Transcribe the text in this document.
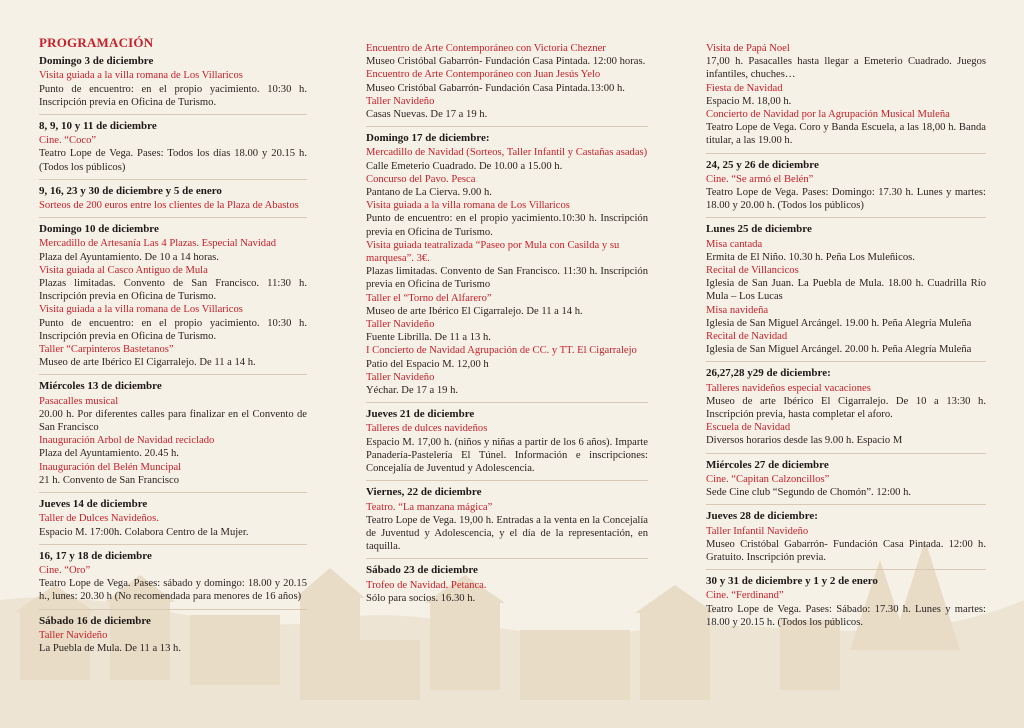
PROGRAMACIÓN
Domingo 3 de diciembre
Visita guiada a la villa romana de Los Villaricos
Punto de encuentro: en el propio yacimiento. 10:30 h. Inscripción previa en Oficina de Turismo.
8, 9, 10 y 11 de diciembre
Cine. “Coco”
Teatro Lope de Vega. Pases: Todos los días 18.00 y 20.15 h. (Todos los públicos)
9, 16, 23 y 30 de diciembre y 5 de enero
Sorteos de 200 euros entre los clientes de la Plaza de Abastos
Domingo 10 de diciembre
Mercadillo de Artesanía Las 4 Plazas. Especial Navidad
Plaza del Ayuntamiento. De 10 a 14 horas.
Visita guiada al Casco Antiguo de Mula
Plazas limitadas. Convento de San Francisco. 11:30 h. Inscripción previa en Oficina de Turismo.
Visita guiada a la villa romana de Los Villaricos
Punto de encuentro: en el propio yacimiento. 10:30 h. Inscripción previa en Oficina de Turismo.
Taller “Carpinteros Bastetanos”
Museo de arte Ibérico El Cigarralejo. De 11 a 14 h.
Miércoles 13 de diciembre
Pasacalles musical
20.00 h. Por diferentes calles para finalizar en el Convento de San Francisco
Inauguración Arbol de Navidad reciclado
Plaza del Ayuntamiento. 20.45 h.
Inauguración del Belén Muncipal
21 h. Convento de San Francisco
Jueves 14 de diciembre
Taller de Dulces Navideños.
Espacio M. 17:00h. Colabora Centro de la Mujer.
16, 17 y 18 de diciembre
Cine. “Oro”
Teatro Lope de Vega. Pases: sábado y domingo: 18.00 y 20.15 h., lunes: 20.30 h (No recomendada para menores de 16 años)
Sábado 16 de diciembre
Taller Navideño
La Puebla de Mula. De 11 a 13 h.
Encuentro de Arte Contemporáneo con Victoria Chezner
Museo Cristóbal Gabarrón- Fundación Casa Pintada. 12:00 horas.
Encuentro de Arte Contemporáneo con Juan Jesús Yelo
Museo Cristóbal Gabarrón- Fundación Casa Pintada.13:00 h.
Taller Navideño
Casas Nuevas. De 17 a 19 h.
Domingo 17 de diciembre:
Mercadillo de Navidad (Sorteos, Taller Infantil y Castañas asadas)
Calle Emeterio Cuadrado. De 10.00 a 15.00 h.
Concurso del Pavo. Pesca
Pantano de La Cierva. 9.00 h.
Visita guiada a la villa romana de Los Villaricos
Punto de encuentro: en el propio yacimiento.10:30 h. Inscripción previa en Oficina de Turismo.
Visita guiada teatralizada “Paseo por Mula con Casilda y su marquesa”. 3€.
Plazas limitadas. Convento de San Francisco. 11:30 h. Inscripción previa en Oficina de Turismo
Taller el “Torno del Alfarero”
Museo de arte Ibérico El Cigarralejo. De 11 a 14 h.
Taller Navideño
Fuente Librilla. De 11 a 13 h.
I Concierto de Navidad Agrupación de CC. y TT. El Cigarralejo
Patio del Espacio M. 12,00 h
Taller Navideño
Yéchar. De 17 a 19 h.
Jueves 21 de diciembre
Talleres de dulces navideños
Espacio M. 17,00 h. (niños y niñas a partir de los 6 años). Imparte Panadería-Pastelería El Túnel. Información e inscripciones: Concejalía de Juventud y Adolescencia.
Viernes, 22 de diciembre
Teatro. “La manzana mágica”
Teatro Lope de Vega. 19,00 h. Entradas a la venta en la Concejalía de Juventud y Adolescencia, y el día de la representación, en taquilla.
Sábado 23 de diciembre
Trofeo de Navidad. Petanca.
Sólo para socios. 16.30 h.
Visita de Papá Noel
17,00 h. Pasacalles hasta llegar a Emeterio Cuadrado. Juegos infantiles, chuches…
Fiesta de Navidad
Espacio M. 18,00 h.
Concierto de Navidad por la Agrupación Musical Muleña
Teatro Lope de Vega. Coro y Banda Escuela, a las 18,00 h. Banda titular, a las 19.00 h.
24, 25 y 26 de diciembre
Cine. “Se armó el Belén”
Teatro Lope de Vega. Pases: Domingo: 17.30 h. Lunes y martes: 18.00 y 20.00 h. (Todos los públicos)
Lunes 25 de diciembre
Misa cantada
Ermita de El Niño. 10.30 h. Peña Los Muleñicos.
Recital de Villancicos
Iglesia de San Juan. La Puebla de Mula. 18.00 h. Cuadrilla Río Mula – Los Lucas
Misa navideña
Iglesia de San Miguel Arcángel. 19.00 h. Peña Alegría Muleña
Recital de Navidad
Iglesia de San Miguel Arcángel. 20.00 h. Peña Alegría Muleña
26,27,28 y29 de diciembre:
Talleres navideños especial vacaciones
Museo de arte Ibérico El Cigarralejo. De 10 a 13:30 h. Inscripción previa, hasta completar el aforo.
Escuela de Navidad
Diversos horarios desde las 9.00 h. Espacio M
Miércoles 27 de diciembre
Cine. “Capitan Calzoncillos”
Sede Cine club “Segundo de Chomón”. 12:00 h.
Jueves 28 de diciembre:
Taller Infantil Navideño
Museo Cristóbal Gabarrón- Fundación Casa Pintada. 12:00 h. Gratuito. Inscripción previa.
30 y 31 de diciembre y 1 y 2 de enero
Cine. “Ferdinand”
Teatro Lope de Vega. Pases: Sábado: 17.30 h. Lunes y martes: 18.00 y 20.15 h. (Todos los públicos.
